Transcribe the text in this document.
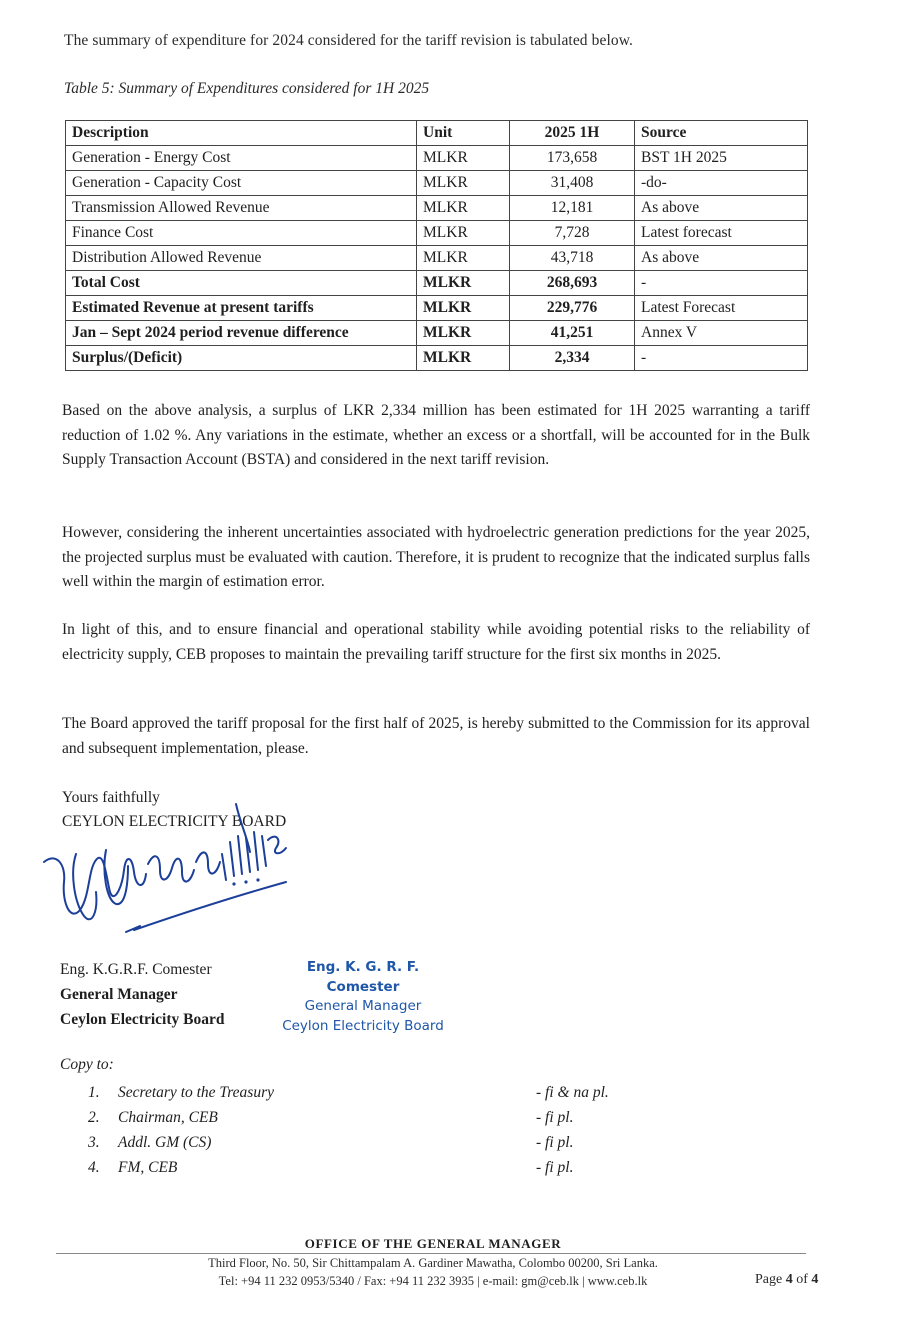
The summary of expenditure for 2024 considered for the tariff revision is tabulated below.
Table 5: Summary of Expenditures considered for 1H 2025
Description	Unit	2025 1H	Source
Generation - Energy Cost	MLKR	173,658	BST 1H 2025
Generation - Capacity Cost	MLKR	31,408	-do-
Transmission Allowed Revenue	MLKR	12,181	As above
Finance Cost	MLKR	7,728	Latest forecast
Distribution Allowed Revenue	MLKR	43,718	As above
Total Cost	MLKR	268,693	-
Estimated Revenue at present tariffs	MLKR	229,776	Latest Forecast
Jan – Sept 2024 period revenue difference	MLKR	41,251	Annex V
Surplus/(Deficit)	MLKR	2,334	-

Based on the above analysis, a surplus of LKR 2,334 million has been estimated for 1H 2025 warranting a tariff reduction of 1.02 %. Any variations in the estimate, whether an excess or a shortfall, will be accounted for in the Bulk Supply Transaction Account (BSTA) and considered in the next tariff revision.

However, considering the inherent uncertainties associated with hydroelectric generation predictions for the year 2025, the projected surplus must be evaluated with caution. Therefore, it is prudent to recognize that the indicated surplus falls well within the margin of estimation error.

In light of this, and to ensure financial and operational stability while avoiding potential risks to the reliability of electricity supply, CEB proposes to maintain the prevailing tariff structure for the first six months in 2025.

The Board approved the tariff proposal for the first half of 2025, is hereby submitted to the Commission for its approval and subsequent implementation, please.

Yours faithfully
CEYLON ELECTRICITY BOARD
Eng. K.G.R.F. Comester
General Manager
Ceylon Electricity Board
Eng. K. G. R. F. Comester
General Manager
Ceylon Electricity Board
Copy to:
1. Secretary to the Treasury	- fi & na pl.
2. Chairman, CEB	- fi pl.
3. Addl. GM (CS)	- fi pl.
4. FM, CEB	- fi pl.
OFFICE OF THE GENERAL MANAGER
Third Floor, No. 50, Sir Chittampalam A. Gardiner Mawatha, Colombo 00200, Sri Lanka.
Tel: +94 11 232 0953/5340 / Fax: +94 11 232 3935 | e-mail: gm@ceb.lk | www.ceb.lk	Page 4 of 4
